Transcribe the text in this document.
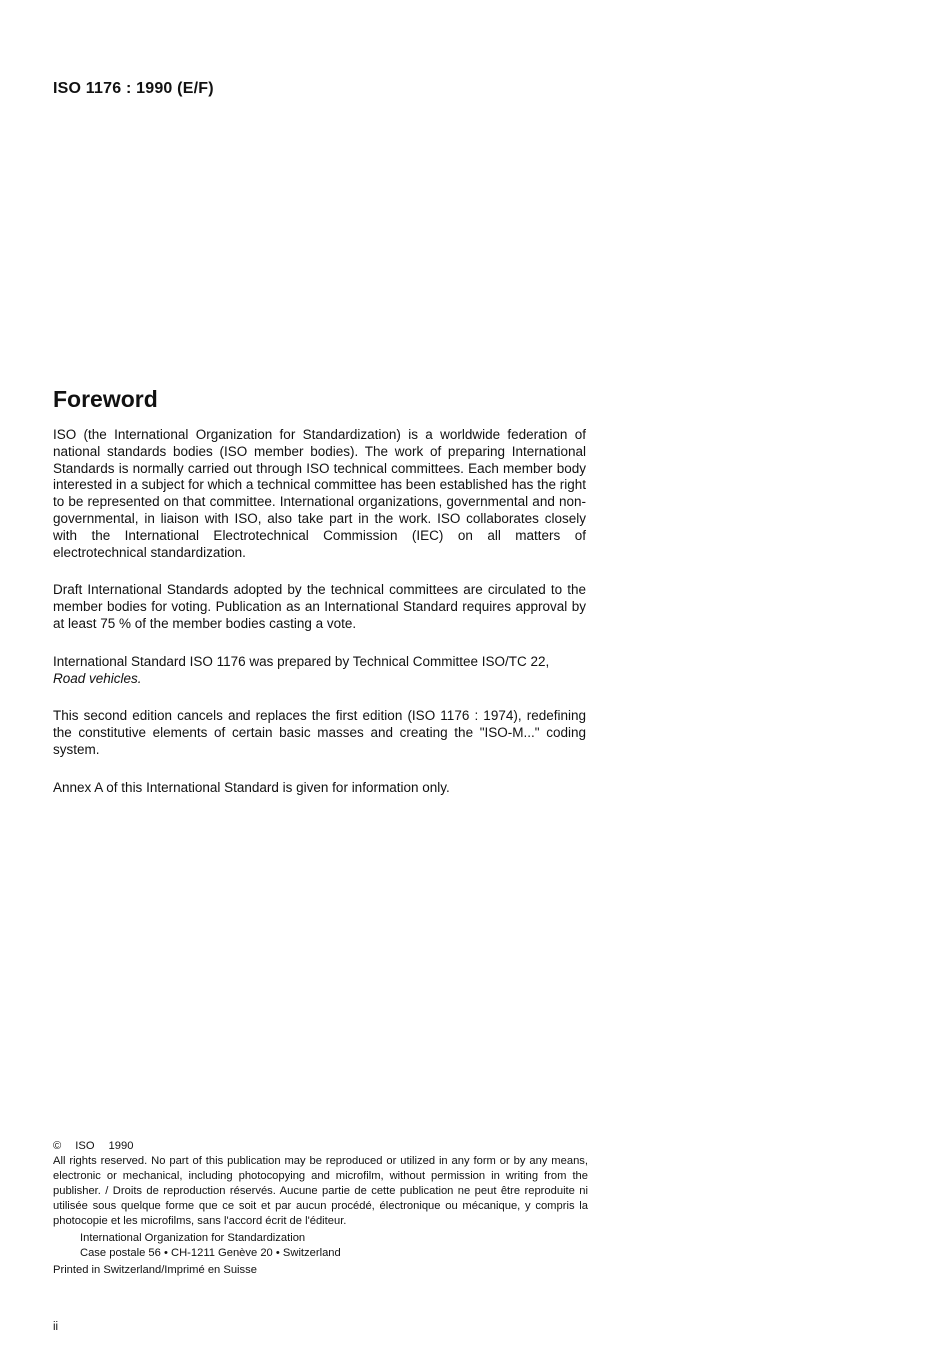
ISO 1176 : 1990 (E/F)
Foreword

ISO (the International Organization for Standardization) is a worldwide federation of national standards bodies (ISO member bodies). The work of preparing International Standards is normally carried out through ISO technical committees. Each member body interested in a subject for which a technical committee has been established has the right to be represented on that committee. International organizations, governmental and non-governmental, in liaison with ISO, also take part in the work. ISO collaborates closely with the International Electrotechnical Commission (IEC) on all matters of electrotechnical standardization.

Draft International Standards adopted by the technical committees are circulated to the member bodies for voting. Publication as an International Standard requires approval by at least 75 % of the member bodies casting a vote.

International Standard ISO 1176 was prepared by Technical Committee ISO/TC 22,
Road vehicles.

This second edition cancels and replaces the first edition (ISO 1176 : 1974), redefining the constitutive elements of certain basic masses and creating the "ISO-M..." coding system.

Annex A of this International Standard is given for information only.

© ISO 1990

All rights reserved. No part of this publication may be reproduced or utilized in any form or by any means, electronic or mechanical, including photocopying and microfilm, without permission in writing from the publisher. / Droits de reproduction réservés. Aucune partie de cette publication ne peut être reproduite ni utilisée sous quelque forme que ce soit et par aucun procédé, électronique ou mécanique, y compris la photocopie et les microfilms, sans l'accord écrit de l'éditeur.

International Organization for Standardization
Case postale 56 • CH-1211 Genève 20 • Switzerland
Printed in Switzerland/Imprimé en Suisse
ii
